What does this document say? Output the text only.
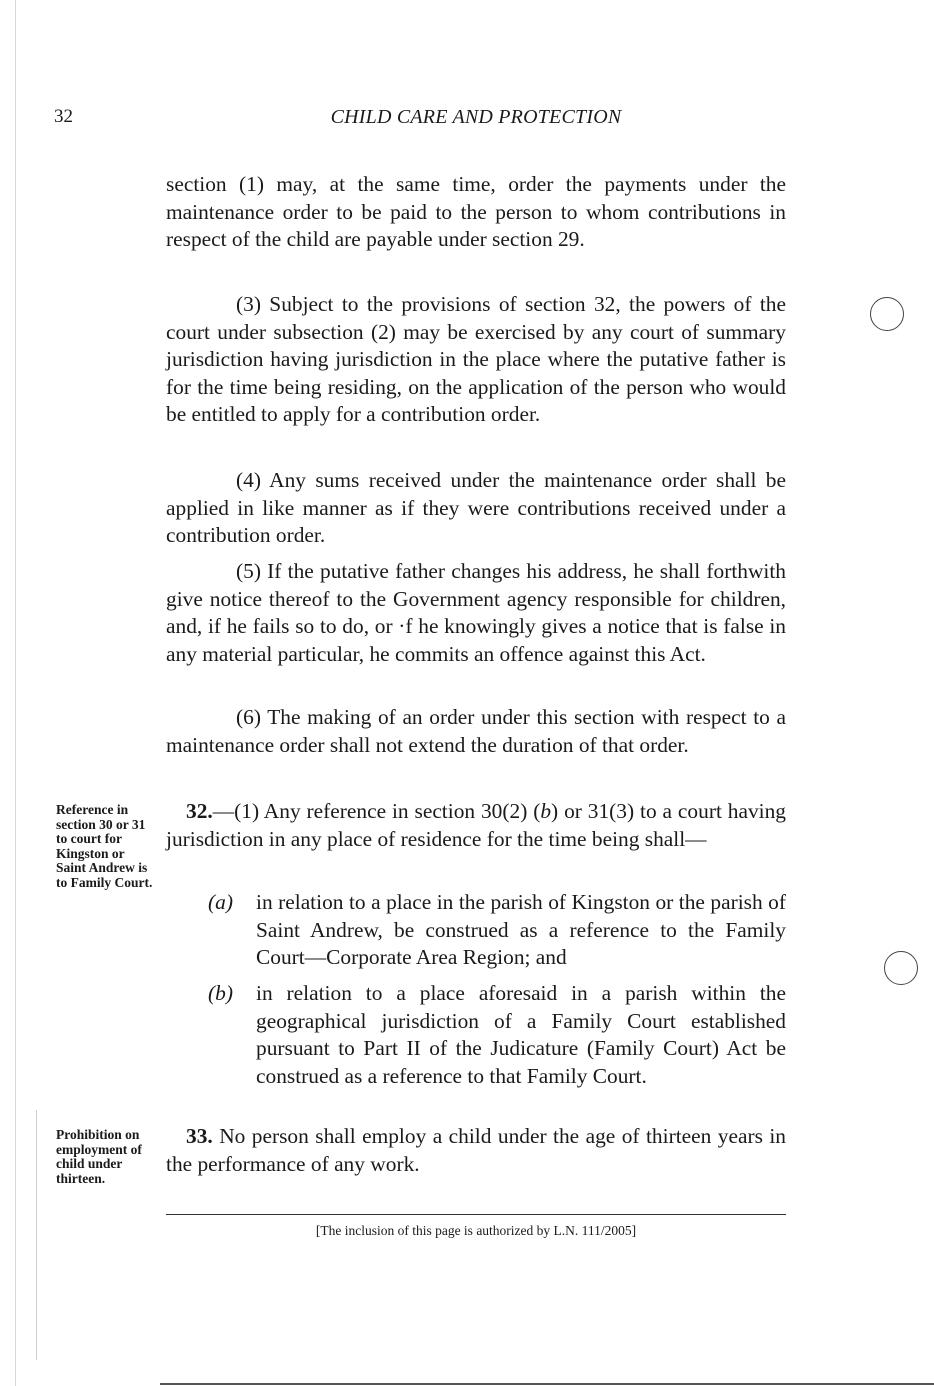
32	CHILD CARE AND PROTECTION
section (1) may, at the same time, order the payments under the maintenance order to be paid to the person to whom contributions in respect of the child are payable under section 29.
(3) Subject to the provisions of section 32, the powers of the court under subsection (2) may be exercised by any court of summary jurisdiction having jurisdiction in the place where the putative father is for the time being residing, on the application of the person who would be entitled to apply for a contribution order.
(4) Any sums received under the maintenance order shall be applied in like manner as if they were contributions received under a contribution order.
(5) If the putative father changes his address, he shall forthwith give notice thereof to the Government agency responsible for children, and, if he fails so to do, or ·f he knowingly gives a notice that is false in any material particular, he commits an offence against this Act.
(6) The making of an order under this section with respect to a maintenance order shall not extend the duration of that order.
Reference in section 30 or 31 to court for Kingston or Saint Andrew is to Family Court.
32.—(1) Any reference in section 30(2) (b) or 31(3) to a court having jurisdiction in any place of residence for the time being shall—
(a) in relation to a place in the parish of Kingston or the parish of Saint Andrew, be construed as a reference to the Family Court—Corporate Area Region; and
(b) in relation to a place aforesaid in a parish within the geographical jurisdiction of a Family Court established pursuant to Part II of the Judicature (Family Court) Act be construed as a reference to that Family Court.
Prohibition on employment of child under thirteen.
33. No person shall employ a child under the age of thirteen years in the performance of any work.
[The inclusion of this page is authorized by L.N. 111/2005]
